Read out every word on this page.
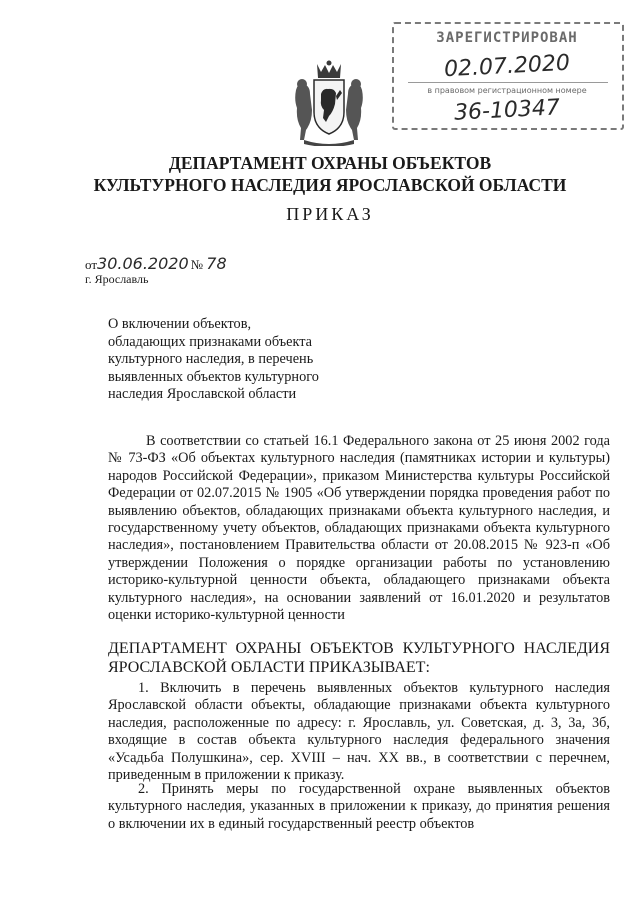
ЗАРЕГИСТРИРОВАН
02.07.2020
в правовом регистрационном номере
36-10347
ДЕПАРТАМЕНТ ОХРАНЫ ОБЪЕКТОВ
КУЛЬТУРНОГО НАСЛЕДИЯ ЯРОСЛАВСКОЙ ОБЛАСТИ
ПРИКАЗ
от30.06.2020 № 78
г. Ярославль
О включении объектов,
обладающих признаками объекта
культурного наследия, в перечень
выявленных объектов культурного
наследия Ярославской области
В соответствии со статьей 16.1 Федерального закона от 25 июня 2002 года № 73-ФЗ «Об объектах культурного наследия (памятниках истории и культуры) народов Российской Федерации», приказом Министерства культуры Российской Федерации от 02.07.2015 № 1905 «Об утверждении порядка проведения работ по выявлению объектов, обладающих признаками объекта культурного наследия, и государственному учету объектов, обладающих признаками объекта культурного наследия», постановлением Правительства области от 20.08.2015 № 923-п «Об утверждении Положения о порядке организации работы по установлению историко-культурной ценности объекта, обладающего признаками объекта культурного наследия», на основании заявлений от 16.01.2020 и результатов оценки историко-культурной ценности
ДЕПАРТАМЕНТ ОХРАНЫ ОБЪЕКТОВ КУЛЬТУРНОГО НАСЛЕДИЯ ЯРОСЛАВСКОЙ ОБЛАСТИ ПРИКАЗЫВАЕТ:
1. Включить в перечень выявленных объектов культурного наследия Ярославской области объекты, обладающие признаками объекта культурного наследия, расположенные по адресу: г. Ярославль, ул. Советская, д. 3, 3а, 3б, входящие в состав объекта культурного наследия федерального значения «Усадьба Полушкина», сер. XVIII – нач. XX вв., в соответствии с перечнем, приведенным в приложении к приказу.
2. Принять меры по государственной охране выявленных объектов культурного наследия, указанных в приложении к приказу, до принятия решения о включении их в единый государственный реестр объектов
